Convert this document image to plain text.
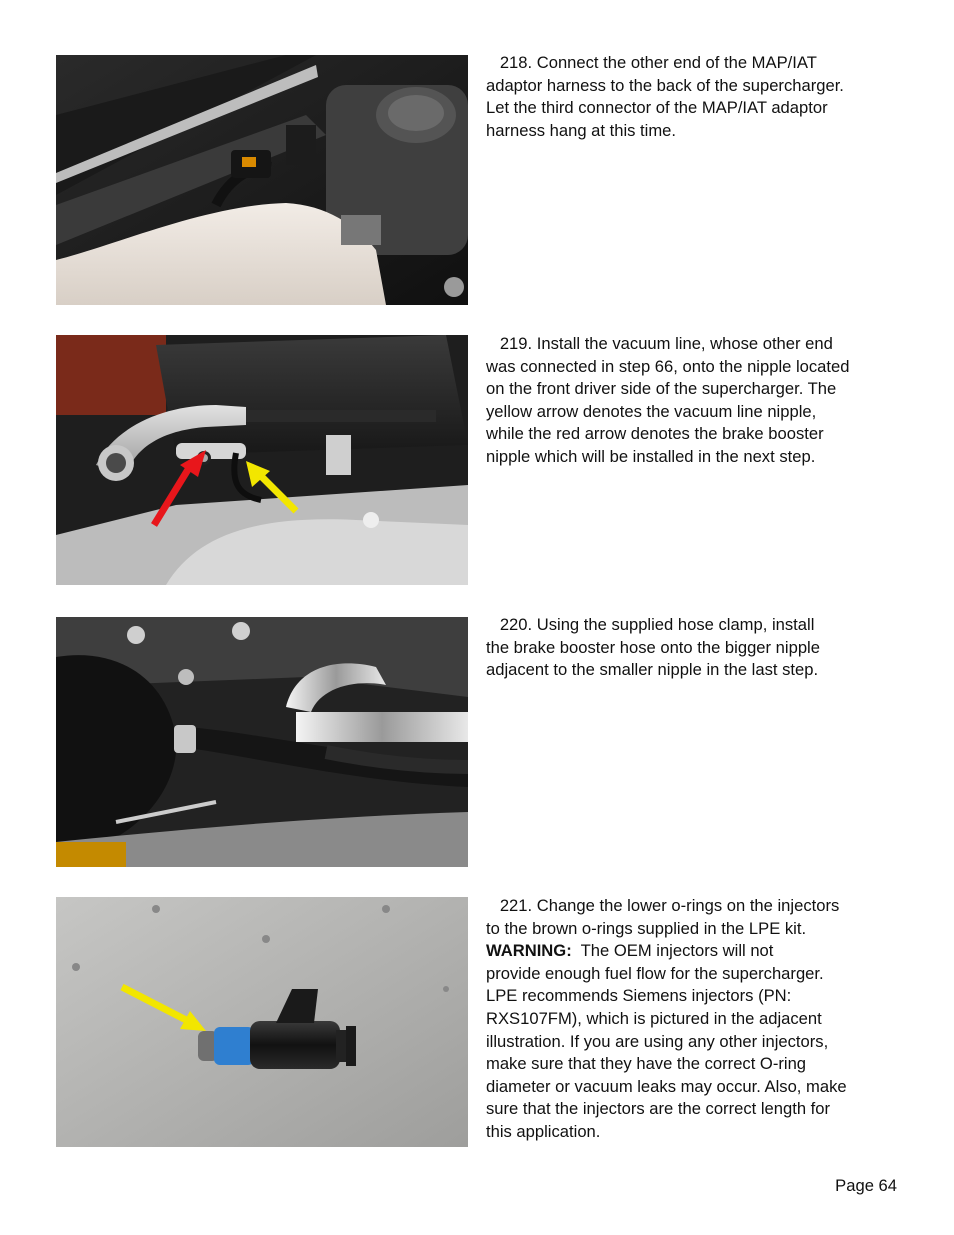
218. Connect the other end of the MAP/IAT

adaptor harness to the back of the supercharger.

Let the third connector of the MAP/IAT adaptor

harness hang at this time.

219. Install the vacuum line, whose other end

was connected in step 66, onto the nipple located

on the front driver side of the supercharger. The

yellow arrow denotes the vacuum line nipple,

while the red arrow denotes the brake booster

nipple which will be installed in the next step.

220. Using the supplied hose clamp, install

the brake booster hose onto the bigger nipple

adjacent to the smaller nipple in the last step.

221. Change the lower o-rings on the injectors

to the brown o-rings supplied in the LPE kit.

WARNING:  The OEM injectors will not

provide enough fuel flow for the supercharger.

LPE recommends Siemens injectors (PN:

RXS107FM), which is pictured in the adjacent

illustration. If you are using any other injectors,

make sure that they have the correct O-ring

diameter or vacuum leaks may occur. Also, make

sure that the injectors are the correct length for

this application.

Page 64
